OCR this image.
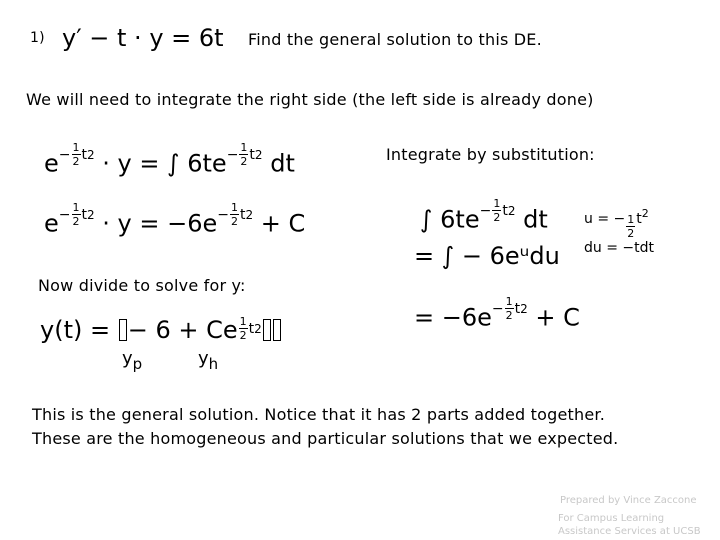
1) y′ − t · y = 6t Find the general solution to this DE.
We will need to integrate the right side (the left side is already done)
$e - \frac{1}{2}$ t 2 · y = ∫ $6te - \frac{1}{2}$ t 2 dt
$e - \frac{1}{2}$ t $2 \cdot y = -6e - \frac{1}{2}$ t 2 + C
Integrate by substitution:
∫ $6te - \frac{1}{2}$ t 2 dt	u = − $\frac{1}{2} t^2$
du = −tdt
= ∫ − 6eᵘdu
= $-6e - \frac{1}{2}$ t 2 + C
Now divide to solve for y:
y(t) = − 6 + Ce $\frac{1}{2}$ t 2
$y_p$	$y_h$
This is the general solution. Notice that it has 2 parts added together.
These are the homogeneous and particular solutions that we expected.
Prepared by Vince Zaccone
For Campus Learning
Assistance Services at UCSB
